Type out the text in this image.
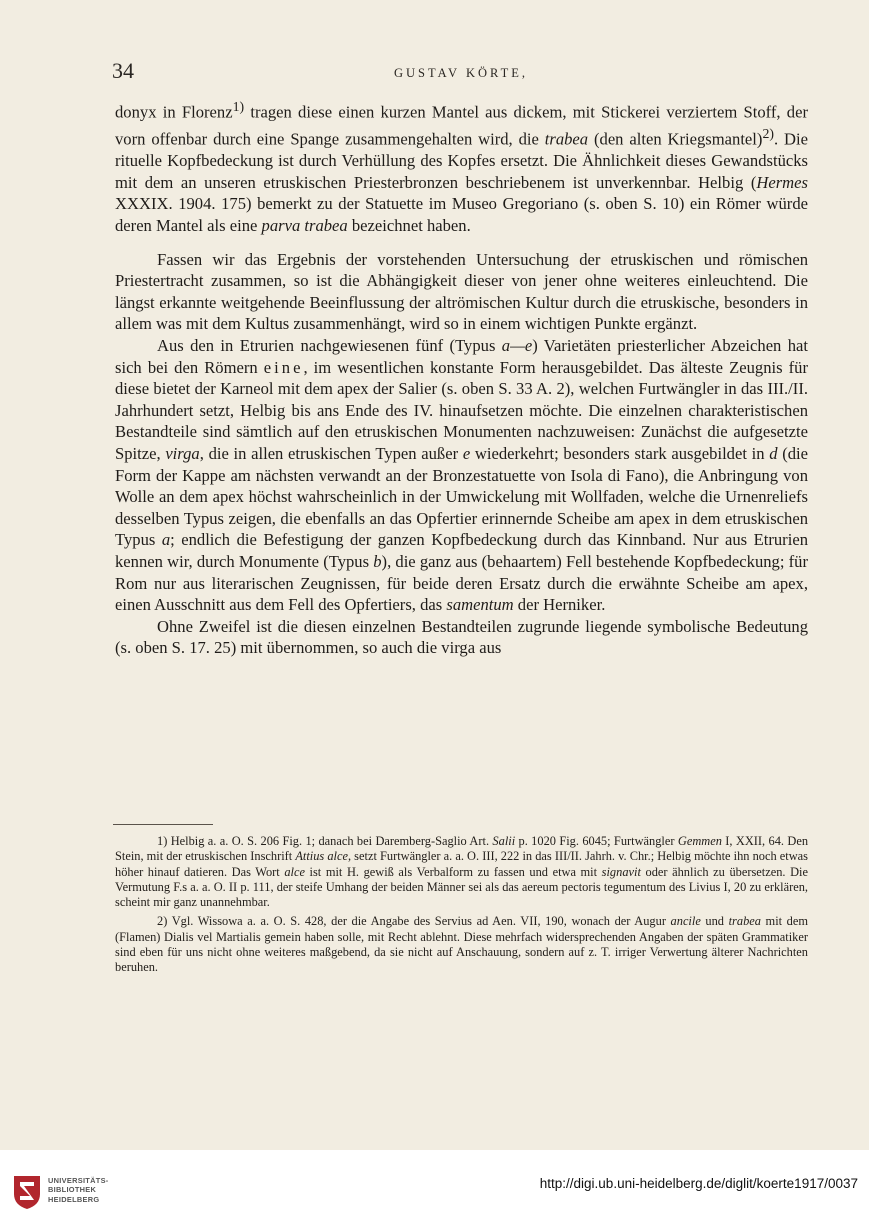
34	GUSTAV KÖRTE,

donyx in Florenz$^{1)}$ tragen diese einen kurzen Mantel aus dickem, mit Stickerei verziertem Stoff, der vorn offenbar durch eine Spange zusammengehalten wird, die trabea (den alten Kriegsmantel)$^{2)}$. Die rituelle Kopfbedeckung ist durch Verhüllung des Kopfes ersetzt. Die Ähnlichkeit dieses Gewandstücks mit dem an unseren etruskischen Priesterbronzen beschriebenem ist unverkennbar. Helbig (Hermes XXXIX. 1904. 175) bemerkt zu der Statuette im Museo Gregoriano (s. oben S. 10) ein Römer würde deren Mantel als eine parva trabea bezeichnet haben.

Fassen wir das Ergebnis der vorstehenden Untersuchung der etruskischen und römischen Priestertracht zusammen, so ist die Abhängigkeit dieser von jener ohne weiteres einleuchtend. Die längst erkannte weitgehende Beeinflussung der altrömischen Kultur durch die etruskische, besonders in allem was mit dem Kultus zusammenhängt, wird so in einem wichtigen Punkte ergänzt.

Aus den in Etrurien nachgewiesenen fünf (Typus a—e) Varietäten priesterlicher Abzeichen hat sich bei den Römern eine, im wesentlichen konstante Form herausgebildet. Das älteste Zeugnis für diese bietet der Karneol mit dem apex der Salier (s. oben S. 33 A. 2), welchen Furtwängler in das III./II. Jahrhundert setzt, Helbig bis ans Ende des IV. hinaufsetzen möchte. Die einzelnen charakteristischen Bestandteile sind sämtlich auf den etruskischen Monumenten nachzuweisen: Zunächst die aufgesetzte Spitze, virga, die in allen etruskischen Typen außer e wiederkehrt; besonders stark ausgebildet in d (die Form der Kappe am nächsten verwandt an der Bronzestatuette von Isola di Fano), die Anbringung von Wolle an dem apex höchst wahrscheinlich in der Umwickelung mit Wollfaden, welche die Urnenreliefs desselben Typus zeigen, die ebenfalls an das Opfertier erinnernde Scheibe am apex in dem etruskischen Typus a; endlich die Befestigung der ganzen Kopfbedeckung durch das Kinnband. Nur aus Etrurien kennen wir, durch Monumente (Typus b), die ganz aus (behaartem) Fell bestehende Kopfbedeckung; für Rom nur aus literarischen Zeugnissen, für beide deren Ersatz durch die erwähnte Scheibe am apex, einen Ausschnitt aus dem Fell des Opfertiers, das samentum der Herniker.

Ohne Zweifel ist die diesen einzelnen Bestandteilen zugrunde liegende symbolische Bedeutung (s. oben S. 17. 25) mit übernommen, so auch die virga aus

1) Helbig a. a. O. S. 206 Fig. 1; danach bei Daremberg-Saglio Art. Salii p. 1020 Fig. 6045; Furtwängler Gemmen I, XXII, 64. Den Stein, mit der etruskischen Inschrift Attius alce, setzt Furtwängler a. a. O. III, 222 in das III/II. Jahrh. v. Chr.; Helbig möchte ihn noch etwas höher hinauf datieren. Das Wort alce ist mit H. gewiß als Verbalform zu fassen und etwa mit signavit oder ähnlich zu übersetzen. Die Vermutung F.s a. a. O. II p. 111, der steife Umhang der beiden Männer sei als das aereum pectoris tegumentum des Livius I, 20 zu erklären, scheint mir ganz unannehmbar.

2) Vgl. Wissowa a. a. O. S. 428, der die Angabe des Servius ad Aen. VII, 190, wonach der Augur ancile und trabea mit dem (Flamen) Dialis vel Martialis gemein haben solle, mit Recht ablehnt. Diese mehrfach widersprechenden Angaben der späten Grammatiker sind eben für uns nicht ohne weiteres maßgebend, da sie nicht auf Anschauung, sondern auf z. T. irriger Verwertung älterer Nachrichten beruhen.

UNIVERSITÄTS-
BIBLIOTHEK
HEIDELBERG
http://digi.ub.uni-heidelberg.de/diglit/koerte1917/0037
